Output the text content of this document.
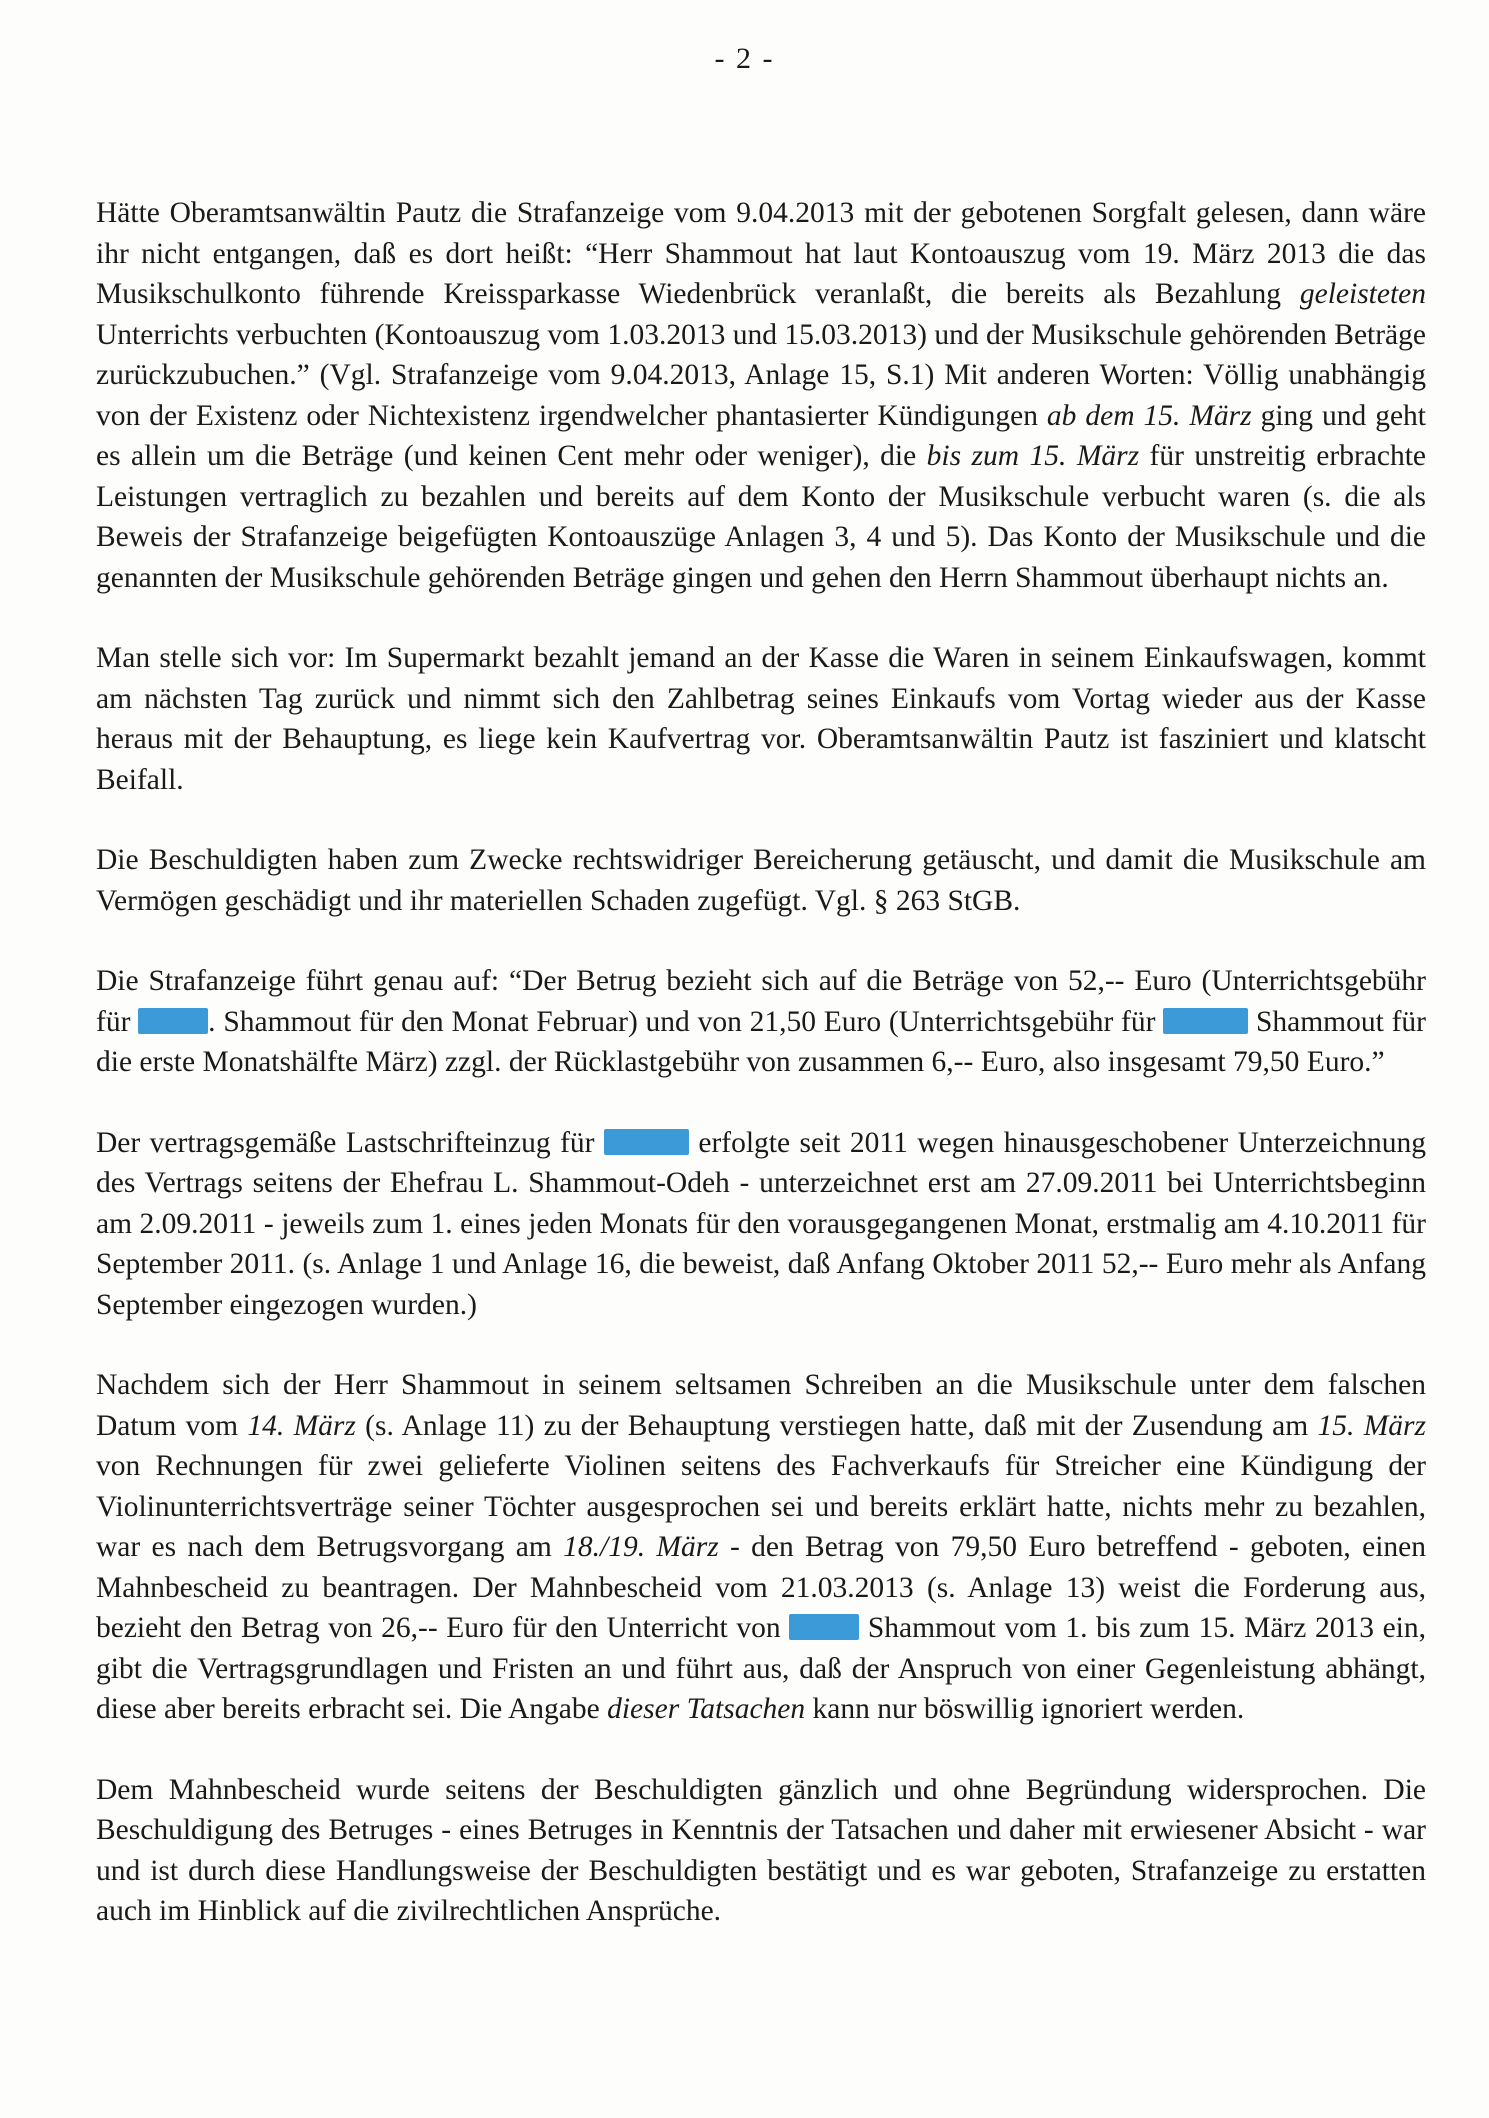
- 2 -

Hätte Oberamtsanwältin Pautz die Strafanzeige vom 9.04.2013 mit der gebotenen Sorgfalt gelesen, dann wäre ihr nicht entgangen, daß es dort heißt: “Herr Shammout hat laut Kontoauszug vom 19. März 2013 die das Musikschulkonto führende Kreissparkasse Wiedenbrück veranlaßt, die bereits als Bezahlung geleisteten Unterrichts verbuchten (Kontoauszug vom 1.03.2013 und 15.03.2013) und der Musikschule gehörenden Beträge zurückzubuchen.” (Vgl. Strafanzeige vom 9.04.2013, Anlage 15, S.1) Mit anderen Worten: Völlig unabhängig von der Existenz oder Nichtexistenz irgendwelcher phantasierter Kündigungen ab dem 15. März ging und geht es allein um die Beträge (und keinen Cent mehr oder weniger), die bis zum 15. März für unstreitig erbrachte Leistungen vertraglich zu bezahlen und bereits auf dem Konto der Musikschule verbucht waren (s. die als Beweis der Strafanzeige beigefügten Kontoauszüge Anlagen 3, 4 und 5). Das Konto der Musikschule und die genannten der Musikschule gehörenden Beträge gingen und gehen den Herrn Shammout überhaupt nichts an.

Man stelle sich vor: Im Supermarkt bezahlt jemand an der Kasse die Waren in seinem Einkaufswagen, kommt am nächsten Tag zurück und nimmt sich den Zahlbetrag seines Einkaufs vom Vortag wieder aus der Kasse heraus mit der Behauptung, es liege kein Kaufvertrag vor. Oberamtsanwältin Pautz ist fasziniert und klatscht Beifall.

Die Beschuldigten haben zum Zwecke rechtswidriger Bereicherung getäuscht, und damit die Musikschule am Vermögen geschädigt und ihr materiellen Schaden zugefügt. Vgl. § 263 StGB.

Die Strafanzeige führt genau auf: “Der Betrug bezieht sich auf die Beträge von 52,-- Euro (Unterrichtsgebühr für . Shammout für den Monat Februar) und von 21,50 Euro (Unterrichtsgebühr für	Shammout für die erste Monatshälfte März) zzgl. der Rücklastgebühr von zusammen 6,-- Euro, also insgesamt 79,50 Euro.”

Der vertragsgemäße Lastschrifteinzug für	erfolgte seit 2011 wegen hinausgeschobener Unterzeichnung des Vertrags seitens der Ehefrau L. Shammout-Odeh - unterzeichnet erst am 27.09.2011 bei Unterrichtsbeginn am 2.09.2011 - jeweils zum 1. eines jeden Monats für den vorausgegangenen Monat, erstmalig am 4.10.2011 für September 2011. (s. Anlage 1 und Anlage 16, die beweist, daß Anfang Oktober 2011 52,-- Euro mehr als Anfang September eingezogen wurden.)

Nachdem sich der Herr Shammout in seinem seltsamen Schreiben an die Musikschule unter dem falschen Datum vom 14. März (s. Anlage 11) zu der Behauptung verstiegen hatte, daß mit der Zusendung am 15. März von Rechnungen für zwei gelieferte Violinen seitens des Fachverkaufs für Streicher eine Kündigung der Violinunterrichtsverträge seiner Töchter ausgesprochen sei und bereits erklärt hatte, nichts mehr zu bezahlen, war es nach dem Betrugsvorgang am 18./19. März - den Betrag von 79,50 Euro betreffend - geboten, einen Mahnbescheid zu beantragen. Der Mahnbescheid vom 21.03.2013 (s. Anlage 13) weist die Forderung aus, bezieht den Betrag von 26,-- Euro für den Unterricht von  Shammout vom 1. bis zum 15. März 2013 ein, gibt die Vertragsgrundlagen und Fristen an und führt aus, daß der Anspruch von einer Gegenleistung abhängt, diese aber bereits erbracht sei. Die Angabe dieser Tatsachen kann nur böswillig ignoriert werden.

Dem Mahnbescheid wurde seitens der Beschuldigten gänzlich und ohne Begründung widersprochen. Die Beschuldigung des Betruges - eines Betruges in Kenntnis der Tatsachen und daher mit erwiesener Absicht - war und ist durch diese Handlungsweise der Beschuldigten bestätigt und es war geboten, Strafanzeige zu erstatten auch im Hinblick auf die zivilrechtlichen Ansprüche.
